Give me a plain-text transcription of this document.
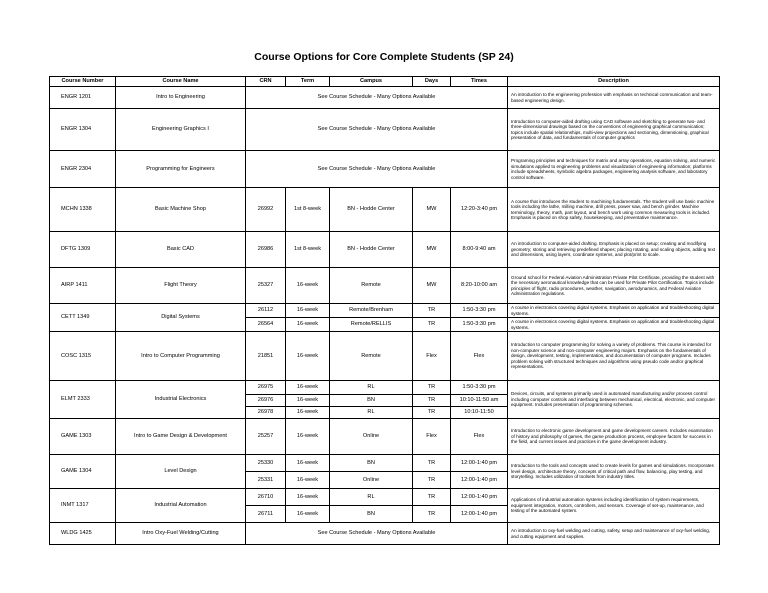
Course Options for Core Complete Students (SP 24)
Course Number	Course Name	CRN	Term	Campus	Days	Times	Description
ENGR 1201	Intro to Engineering	See Course Schedule - Many Options Available					An introduction to the engineering profession with emphasis on technical communication and team-based engineering design.
ENGR 1304	Engineering Graphics I	See Course Schedule - Many Options Available					Introduction to computer-aided drafting using CAD software and sketching to generate two- and three-dimensional drawings based on the conventions of engineering graphical communication; topics include spatial relationships, multi-view projections and sectioning, dimensioning, graphical presentation of data, and fundamentals of computer graphics
ENGR 2304	Programming for Engineers	See Course Schedule - Many Options Available					Programing principles and techniques for matrix and array operations, equation solving, and numeric simulations applied to engineering problems and visualization of engineering information; platforms include spreadsheets, symbolic algebra packages, engineering analysis software, and laboratory control software.
MCHN 1338	Basic Machine Shop	26992	1st 8-week	BN - Hodde Center	MW	12:20-3:40 pm	A course that introduces the student to machining fundamentals. The student will use basic machine tools including the lathe, milling machine, drill press, power saw, and bench grinder. Machine terminology, theory, math, part layout, and bench work using common measuring tools is included. Emphasis is placed on shop safety, housekeeping, and preventative maintenance.
DFTG 1309	Basic CAD	26986	1st 8-week	BN - Hodde Center	MW	8:00-9:40 am	An introduction to computer-aided drafting. Emphasis is placed on setup; creating and modifying geometry; storing and retrieving predefined shapes; placing rotating, and scaling objects, adding text and dimensions, using layers, coordinate systems, and plot/print to scale.
AIRP 1411	Flight Theory	25327	16-week	Remote	MW	8:20-10:00 am	Ground school for Federal Aviation Administration Private Pilot Certificate, providing the student with the necessary aeronautical knowledge that can be used for Private Pilot Certification. Topics include principles of flight, radio procedures, weather, navigation, aerodynamics, and Federal Aviation Administration regulations.
CETT 1349	Digital Systems	26112	16-week	Remote/Brenham	TR	1:50-3:30 pm	A course in electronics covering digital systems. Emphasis on application and troubleshooting digital systems.
		26564	16-week	Remote/RELLIS	TR	1:50-3:30 pm	A course in electronics covering digital systems. Emphasis on application and troubleshooting digital systems.
COSC 1315	Intro to Computer Programming	21851	16-week	Remote	Flex	Flex	Introduction to computer programming for solving a variety of problems. This course is intended for non-computer science and non-computer engineering majors. Emphasis on the fundamentals of design, development, testing, implementation, and documentation of computer programs. Includes problem solving with structured techniques and algorithms using pseudo code and/or graphical representations.
ELMT 2333	Industrial Electronics	26975	16-week	RL	TR	1:50-3:30 pm	Devices, circuits, and systems primarily used in automated manufacturing and/or process control including computer controls and interfacing between mechanical, electrical, electronic, and computer equipment. Includes presentation of programming schemes.
		26976	16-week	BN	TR	10:10-11:50 am	
		26978	16-week	RL	TR	10:10-11:50	
GAME 1303	Intro to Game Design & Development	25257	16-week	Online	Flex	Flex	Introduction to electronic game development and game development careers. Includes examination of history and philosophy of games, the game production process, employee factors for success in the field, and current issues and practices in the game development industry.
GAME 1304	Level Design	25330	16-week	BN	TR	12:00-1:40 pm	Introduction to the tools and concepts used to create levels for games and simulations. Incorporates level design, architecture theory, concepts of critical path and flow, balancing, play testing, and storytelling. Includes utilization of toolsets from industry titles.
		25331	16-week	Online	TR	12:00-1:40 pm	
INMT 1317	Industrial Automation	26710	16-week	RL	TR	12:00-1:40 pm	Applications of industrial automation systems including identification of system requirements, equipment integration, motors, controllers, and sensors. Coverage of set-up, maintenance, and testing of the automated system.
		26711	16-week	BN	TR	12:00-1:40 pm	
WLDG 1425	Intro Oxy-Fuel Welding/Cutting	See Course Schedule - Many Options Available					An introduction to oxy-fuel welding and cutting, safety, setup and maintenance of oxy-fuel welding, and cutting equipment and supplies.
